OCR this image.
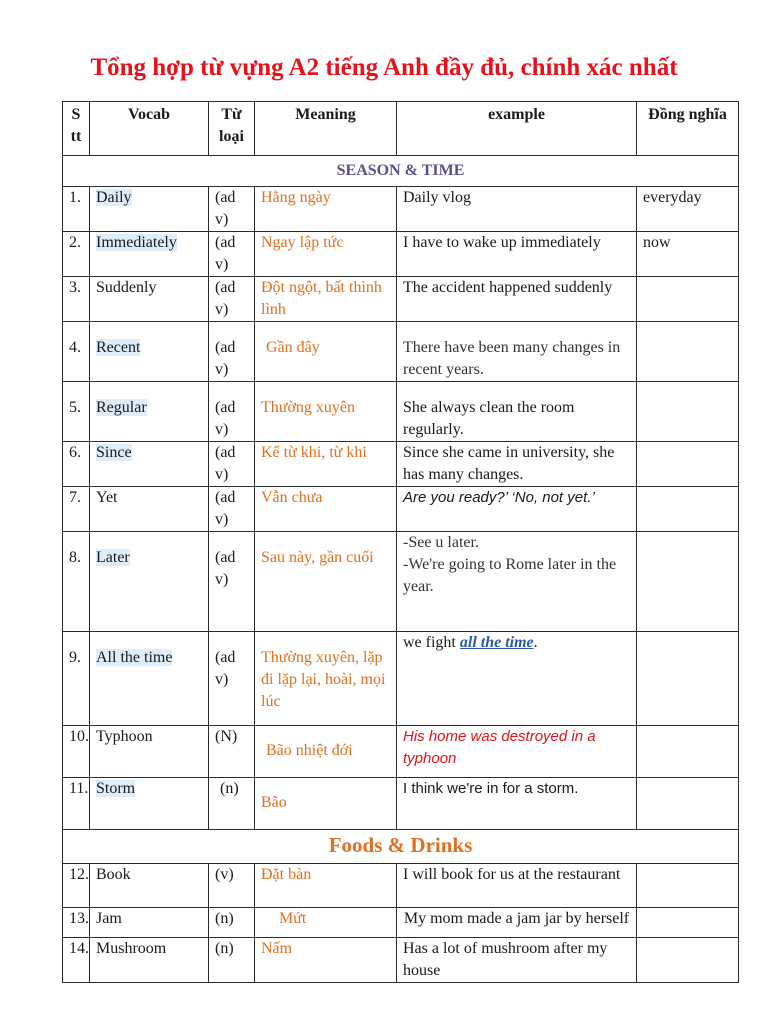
Tổng hợp từ vựng A2 tiếng Anh đầy đủ, chính xác nhất
S tt	Vocab	Từ loại	Meaning	example	Đồng nghĩa
SEASON & TIME					
1.	Daily	(ad v)	Hằng ngày	Daily vlog	everyday
2.	Immediately	(ad v)	Ngay lập tức	I have to wake up immediately	now
3.	Suddenly	(ad v)	Đột ngột, bất thình lình	The accident happened suddenly	
4.	Recent	(ad v)	Gần đây	There have been many changes in recent years.	
5.	Regular	(ad v)	Thường xuyên	She always clean the room regularly.	
6.	Since	(ad v)	Kể từ khi, từ khi	Since she came in university, she has many changes.	
7.	Yet	(ad v)	Vẫn chưa	Are you ready?’ ‘No, not yet.’	
8.	Later	(ad v)	Sau này, gần cuối	-See u later.
-We're going to Rome later in the year.	

9.	All the time	(ad v)	Thường xuyên, lặp đi lặp lại, hoài, mọi lúc	we fight all the time.	
10.	Typhoon	(N)	Bão nhiệt đới	His home was destroyed in a typhoon	
11.	Storm	(n)	Bão	I think we're in for a storm.	
Foods & Drinks					
12.	Book	(v)	Đặt bàn	I will book for us at the restaurant	
13.	Jam	(n)	Mứt	My mom made a jam jar by herself	
14.	Mushroom	(n)	Nấm	Has a lot of mushroom after my house	
